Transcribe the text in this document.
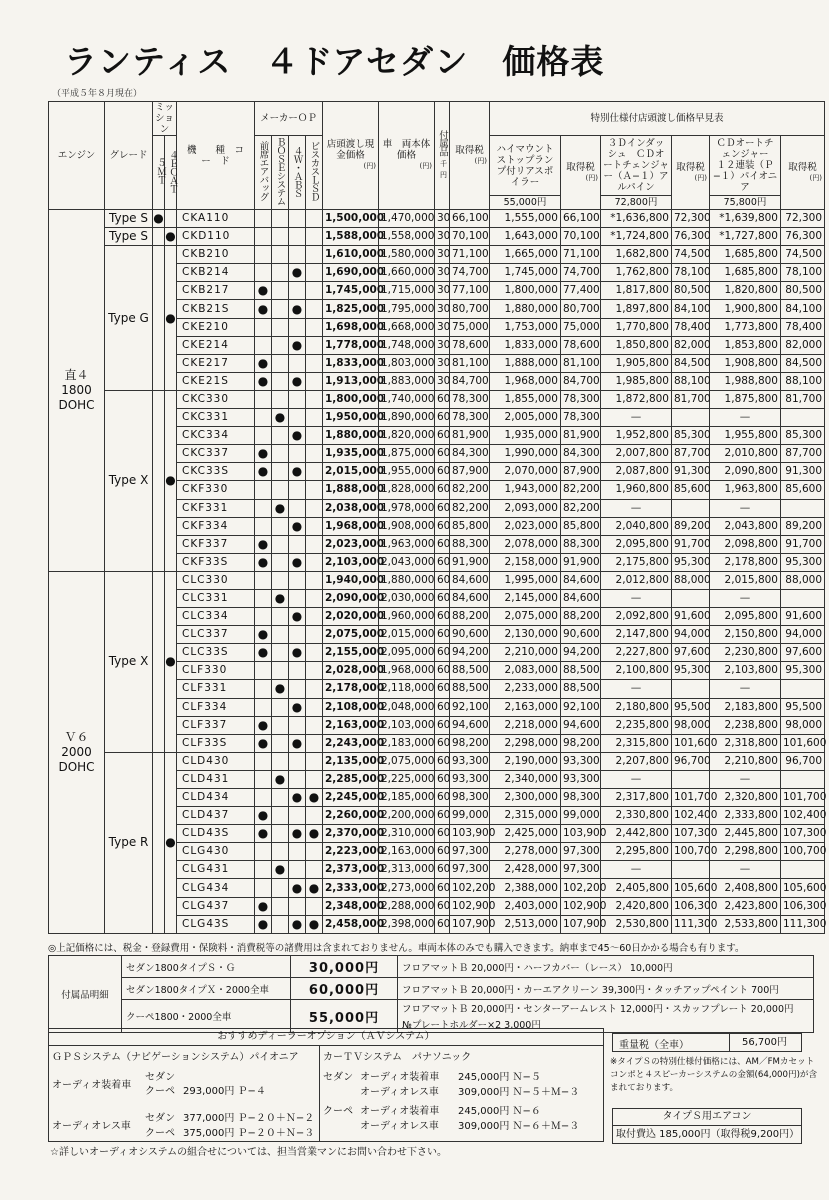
ランティス　４ドアセダン　価格表
（平成５年８月現在）
エンジン	グレード	ミッション		機　　種　コ　ー　ド	メーカーＯＰ				店頭渡し現金価格
(円)	車　両本体価格
(円)	付属品
千円	取得税
(円)	特別仕様付店頭渡し価格早見表					
		５ＭＴ	４ＥＣＡＴ		前席エアバッグ	ＢＯＳＥシステム	４Ｗ・ＡＢＳ	ビスカスＬＳＤ					ハイマウントストップランプ付リアスポイラー	取得税
(円)	３Ｄインダッシュ　ＣＤオートチェンジャー（Ａ−１）アルパイン	取得税
(円)	ＣＤオートチェンジャー　１２連装（Ｐ−１）パイオニア	取得税
(円)

													55,000円		72,800円		75,800円	
直４ 1800 DOHC	Type S	●		CKA110					1,500,000	1,470,000	30	66,100	1,555,000	66,100	*1,636,800	72,300	*1,639,800	72,300
	Type S		●	CKD110					1,588,000	1,558,000	30	70,100	1,643,000	70,100	*1,724,800	76,300	*1,727,800	76,300
	Type G		●	CKB210					1,610,000	1,580,000	30	71,100	1,665,000	71,100	1,682,800	74,500	1,685,800	74,500
				CKB214			●		1,690,000	1,660,000	30	74,700	1,745,000	74,700	1,762,800	78,100	1,685,800	78,100
				CKB217	●				1,745,000	1,715,000	30	77,100	1,800,000	77,400	1,817,800	80,500	1,820,800	80,500
				CKB21S	●		●		1,825,000	1,795,000	30	80,700	1,880,000	80,700	1,897,800	84,100	1,900,800	84,100
				CKE210					1,698,000	1,668,000	30	75,000	1,753,000	75,000	1,770,800	78,400	1,773,800	78,400
				CKE214			●		1,778,000	1,748,000	30	78,600	1,833,000	78,600	1,850,800	82,000	1,853,800	82,000
				CKE217	●				1,833,000	1,803,000	30	81,100	1,888,000	81,100	1,905,800	84,500	1,908,800	84,500
				CKE21S	●		●		1,913,000	1,883,000	30	84,700	1,968,000	84,700	1,985,800	88,100	1,988,800	88,100
	Type X		●	CKC330					1,800,000	1,740,000	60	78,300	1,855,000	78,300	1,872,800	81,700	1,875,800	81,700
				CKC331		●			1,950,000	1,890,000	60	78,300	2,005,000	78,300	—		—	
				CKC334			●		1,880,000	1,820,000	60	81,900	1,935,000	81,900	1,952,800	85,300	1,955,800	85,300
				CKC337	●				1,935,000	1,875,000	60	84,300	1,990,000	84,300	2,007,800	87,700	2,010,800	87,700
				CKC33S	●		●		2,015,000	1,955,000	60	87,900	2,070,000	87,900	2,087,800	91,300	2,090,800	91,300
				CKF330					1,888,000	1,828,000	60	82,200	1,943,000	82,200	1,960,800	85,600	1,963,800	85,600
				CKF331		●			2,038,000	1,978,000	60	82,200	2,093,000	82,200	—		—	
				CKF334			●		1,968,000	1,908,000	60	85,800	2,023,000	85,800	2,040,800	89,200	2,043,800	89,200
				CKF337	●				2,023,000	1,963,000	60	88,300	2,078,000	88,300	2,095,800	91,700	2,098,800	91,700
				CKF33S	●		●		2,103,000	2,043,000	60	91,900	2,158,000	91,900	2,175,800	95,300	2,178,800	95,300
Ｖ６ 2000 DOHC	Type X		●	CLC330					1,940,000	1,880,000	60	84,600	1,995,000	84,600	2,012,800	88,000	2,015,800	88,000
				CLC331		●			2,090,000	2,030,000	60	84,600	2,145,000	84,600	—		—	
				CLC334			●		2,020,000	1,960,000	60	88,200	2,075,000	88,200	2,092,800	91,600	2,095,800	91,600
				CLC337	●				2,075,000	2,015,000	60	90,600	2,130,000	90,600	2,147,800	94,000	2,150,800	94,000
				CLC33S	●		●		2,155,000	2,095,000	60	94,200	2,210,000	94,200	2,227,800	97,600	2,230,800	97,600
				CLF330					2,028,000	1,968,000	60	88,500	2,083,000	88,500	2,100,800	95,300	2,103,800	95,300
				CLF331		●			2,178,000	2,118,000	60	88,500	2,233,000	88,500	—		—	
				CLF334			●		2,108,000	2,048,000	60	92,100	2,163,000	92,100	2,180,800	95,500	2,183,800	95,500
				CLF337	●				2,163,000	2,103,000	60	94,600	2,218,000	94,600	2,235,800	98,000	2,238,800	98,000
				CLF33S	●		●		2,243,000	2,183,000	60	98,200	2,298,000	98,200	2,315,800	101,600	2,318,800	101,600
	Type R		●	CLD430					2,135,000	2,075,000	60	93,300	2,190,000	93,300	2,207,800	96,700	2,210,800	96,700
				CLD431		●			2,285,000	2,225,000	60	93,300	2,340,000	93,300	—		—	
				CLD434			●	●	2,245,000	2,185,000	60	98,300	2,300,000	98,300	2,317,800	101,700	2,320,800	101,700
				CLD437	●				2,260,000	2,200,000	60	99,000	2,315,000	99,000	2,330,800	102,400	2,333,800	102,400
				CLD43S	●		●	●	2,370,000	2,310,000	60	103,900	2,425,000	103,900	2,442,800	107,300	2,445,800	107,300
				CLG430					2,223,000	2,163,000	60	97,300	2,278,000	97,300	2,295,800	100,700	2,298,800	100,700
				CLG431		●			2,373,000	2,313,000	60	97,300	2,428,000	97,300	—		—	
				CLG434			●	●	2,333,000	2,273,000	60	102,200	2,388,000	102,200	2,405,800	105,600	2,408,800	105,600
				CLG437	●				2,348,000	2,288,000	60	102,900	2,403,000	102,900	2,420,800	106,300	2,423,800	106,300
				CLG43S	●		●	●	2,458,000	2,398,000	60	107,900	2,513,000	107,900	2,530,800	111,300	2,533,800	111,300
◎上記価格には、税金・登録費用・保険料・消費税等の諸費用は含まれておりません。車両本体のみでも購入できます。納車まで45〜60日かかる場合も有ります。
付属品明細	セダン1800タイプＳ・Ｇ	30,000円	フロアマットＢ 20,000円・ハーフカバー（レース） 10,000円
	セダン1800タイプＸ・2000全車	60,000円	フロアマットＢ 20,000円・カーエアクリーン 39,300円・タッチアップペイント 700円
	クーペ1800・2000全車	55,000円	フロアマットＢ 20,000円・センターアームレスト 12,000円・スカッフプレート 20,000円
			№プレートホルダー×2 3,000円
おすすめディーラーオプション（ＡＶシステム）
ＧＰＳシステム（ナビゲーションシステム）パイオニア
オーディオ装着車
セダン
クーペ 293,000円 Ｐ−４
オーディオレス車
セダン 377,000円 Ｐ−２０＋Ｎ−２
クーペ 375,000円 Ｐ−２０＋Ｎ−３
カーＴＶシステム　パナソニック
セダン オーディオ装着車 245,000円 Ｎ−５
オーディオレス車 309,000円 Ｎ−５＋Ｍ−３
クーペ オーディオ装着車 245,000円 Ｎ−６
オーディオレス車 309,000円 Ｎ−６＋Ｍ−３
重量税（全車）	56,700円
※タイプＳの特別仕様付価格には、AM／FMカセットコンポと４スピーカーシステムの金額(64,000円)が含まれております。
タイプＳ用エアコン
取付費込 185,000円（取得税9,200円）
☆詳しいオーディオシステムの組合せについては、担当営業マンにお問い合わせ下さい。
